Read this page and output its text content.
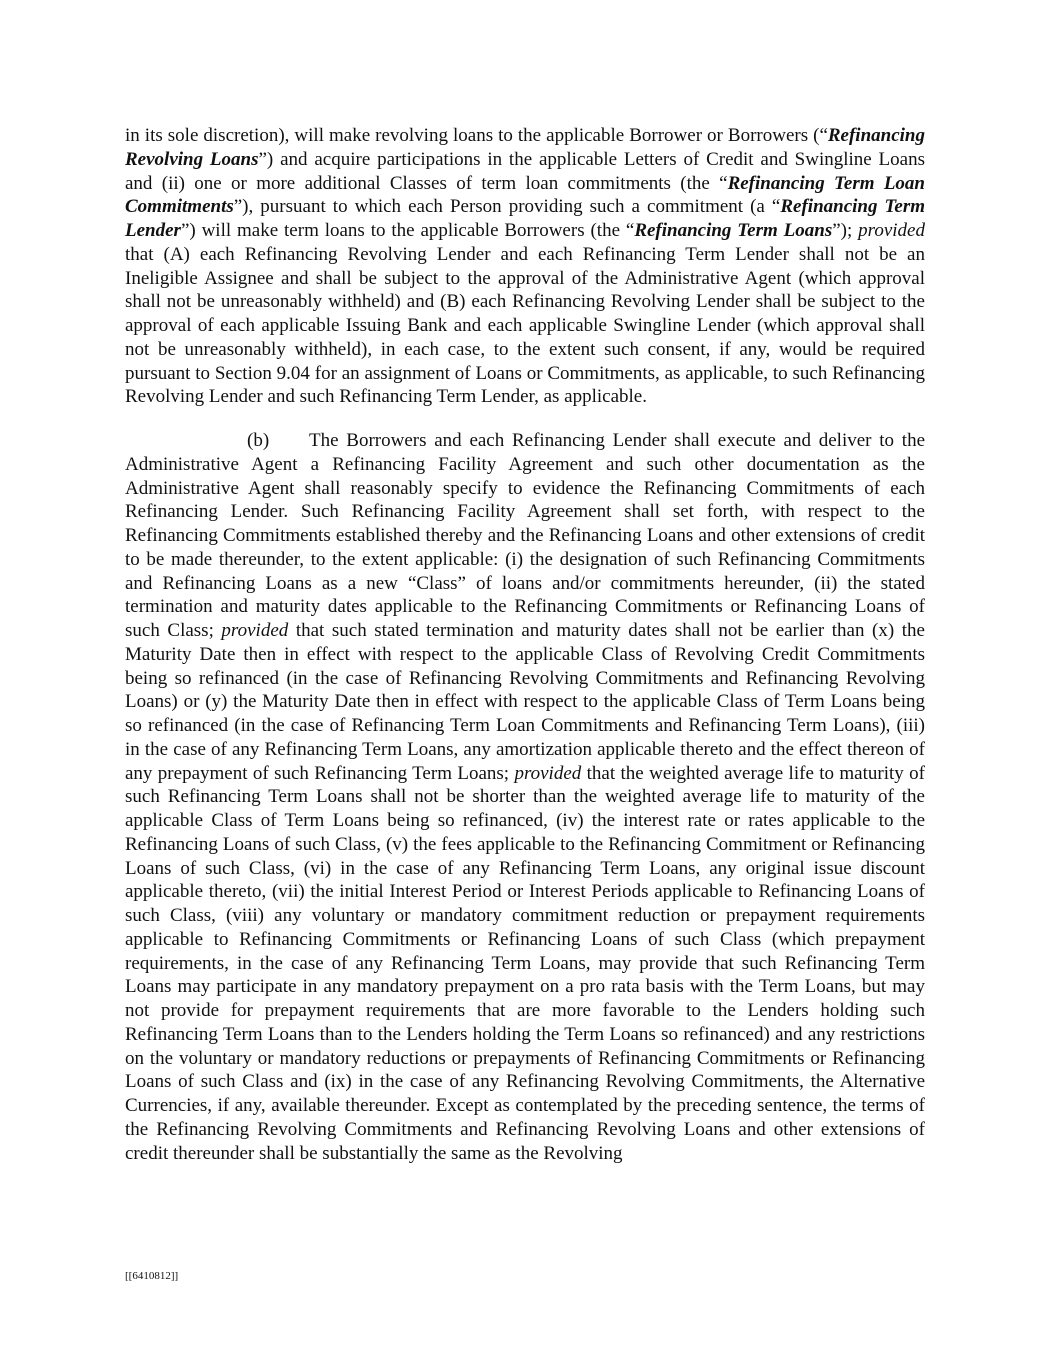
in its sole discretion), will make revolving loans to the applicable Borrower or Borrowers (“Refinancing Revolving Loans”) and acquire participations in the applicable Letters of Credit and Swingline Loans and (ii) one or more additional Classes of term loan commitments (the “Refinancing Term Loan Commitments”), pursuant to which each Person providing such a commitment (a “Refinancing Term Lender”) will make term loans to the applicable Borrowers (the “Refinancing Term Loans”); provided that (A) each Refinancing Revolving Lender and each Refinancing Term Lender shall not be an Ineligible Assignee and shall be subject to the approval of the Administrative Agent (which approval shall not be unreasonably withheld) and (B) each Refinancing Revolving Lender shall be subject to the approval of each applicable Issuing Bank and each applicable Swingline Lender (which approval shall not be unreasonably withheld), in each case, to the extent such consent, if any, would be required pursuant to Section 9.04 for an assignment of Loans or Commitments, as applicable, to such Refinancing Revolving Lender and such Refinancing Term Lender, as applicable.

(b) The Borrowers and each Refinancing Lender shall execute and deliver to the Administrative Agent a Refinancing Facility Agreement and such other documentation as the Administrative Agent shall reasonably specify to evidence the Refinancing Commitments of each Refinancing Lender. Such Refinancing Facility Agreement shall set forth, with respect to the Refinancing Commitments established thereby and the Refinancing Loans and other extensions of credit to be made thereunder, to the extent applicable: (i) the designation of such Refinancing Commitments and Refinancing Loans as a new “Class” of loans and/or commitments hereunder, (ii) the stated termination and maturity dates applicable to the Refinancing Commitments or Refinancing Loans of such Class; provided that such stated termination and maturity dates shall not be earlier than (x) the Maturity Date then in effect with respect to the applicable Class of Revolving Credit Commitments being so refinanced (in the case of Refinancing Revolving Commitments and Refinancing Revolving Loans) or (y) the Maturity Date then in effect with respect to the applicable Class of Term Loans being so refinanced (in the case of Refinancing Term Loan Commitments and Refinancing Term Loans), (iii) in the case of any Refinancing Term Loans, any amortization applicable thereto and the effect thereon of any prepayment of such Refinancing Term Loans; provided that the weighted average life to maturity of such Refinancing Term Loans shall not be shorter than the weighted average life to maturity of the applicable Class of Term Loans being so refinanced, (iv) the interest rate or rates applicable to the Refinancing Loans of such Class, (v) the fees applicable to the Refinancing Commitment or Refinancing Loans of such Class, (vi) in the case of any Refinancing Term Loans, any original issue discount applicable thereto, (vii) the initial Interest Period or Interest Periods applicable to Refinancing Loans of such Class, (viii) any voluntary or mandatory commitment reduction or prepayment requirements applicable to Refinancing Commitments or Refinancing Loans of such Class (which prepayment requirements, in the case of any Refinancing Term Loans, may provide that such Refinancing Term Loans may participate in any mandatory prepayment on a pro rata basis with the Term Loans, but may not provide for prepayment requirements that are more favorable to the Lenders holding such Refinancing Term Loans than to the Lenders holding the Term Loans so refinanced) and any restrictions on the voluntary or mandatory reductions or prepayments of Refinancing Commitments or Refinancing Loans of such Class and (ix) in the case of any Refinancing Revolving Commitments, the Alternative Currencies, if any, available thereunder. Except as contemplated by the preceding sentence, the terms of the Refinancing Revolving Commitments and Refinancing Revolving Loans and other extensions of credit thereunder shall be substantially the same as the Revolving

[[6410812]]
